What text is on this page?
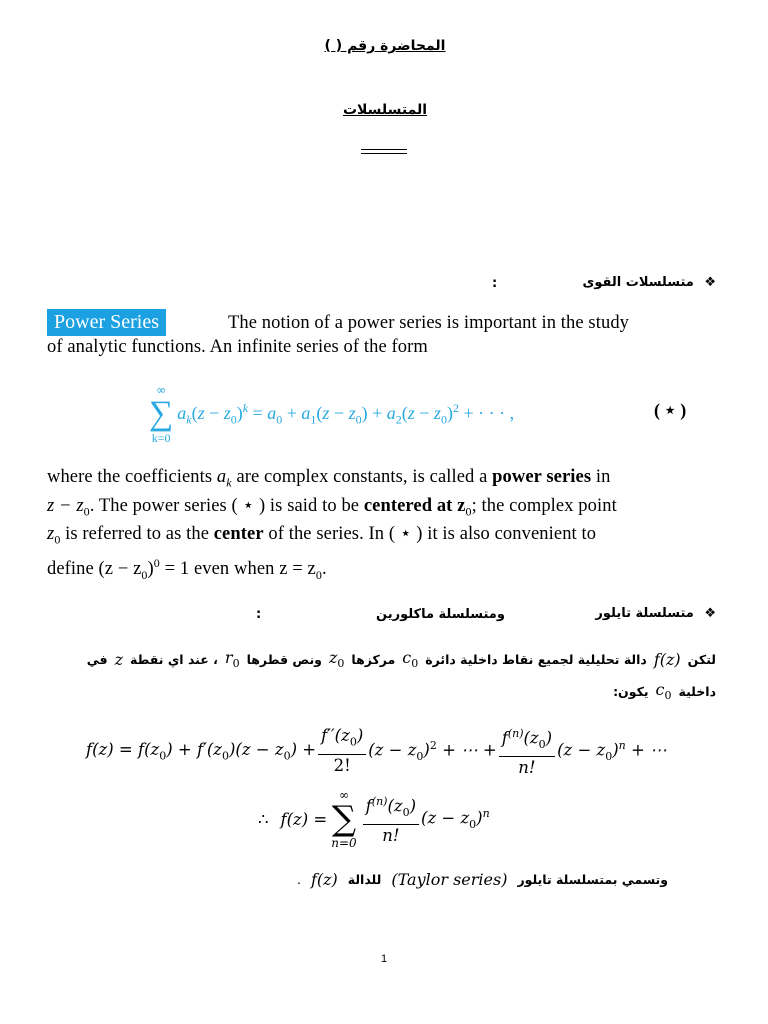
المحاضرة رقم ( )
المتسلسلات
❖ متسلسلات القوى
:
Power Series	The notion of a power series is important in the study
of analytic functions. An infinite series of the form
∞
∑
k=0
$a_k(z - z_0)^k = a_0 + a_1(z - z_0) + a_2(z - z_0)^2$ + · · · ,	( ⋆ )
where the coefficients $a_k$ are complex constants, is called a power series in
$z - z_0$. The power series ( ⋆ ) is said to be centered at $z_0$; the complex point
$z_0$ is referred to as the center of the series. In ( ⋆ ) it is also convenient to
define $(z - z_0)^0 = 1$ even when $z = z_0$.
❖ متسلسلة تايلور
ومتسلسلة ماكلورين
:
لتكن
f(z)
دالة تحليلية لجميع نقاط داخلية دائرة
$c_0$
مركزها
$z_0$
ونص قطرها
$r_0$
، عند اي نقطة
z
في
داخلية
$c_0$
يكون:
$f(z) = f(z_0) + f'(z_0)(z - z_0) + \frac{f''(z_0)}{2!} (z - z_0)^2$ + ⋯ + $\frac{f^{(n)}(z_0)}{n!} (z - z_0)^n$ + ⋯
∴ f(z) =
∞
∑
$n=0 \frac{f^{(n)}(z_0)}{n!} (z - z_0)^n$
وتسمي بمتسلسلة تايلور
(Taylor series)
للدالة
f(z)
.
1
